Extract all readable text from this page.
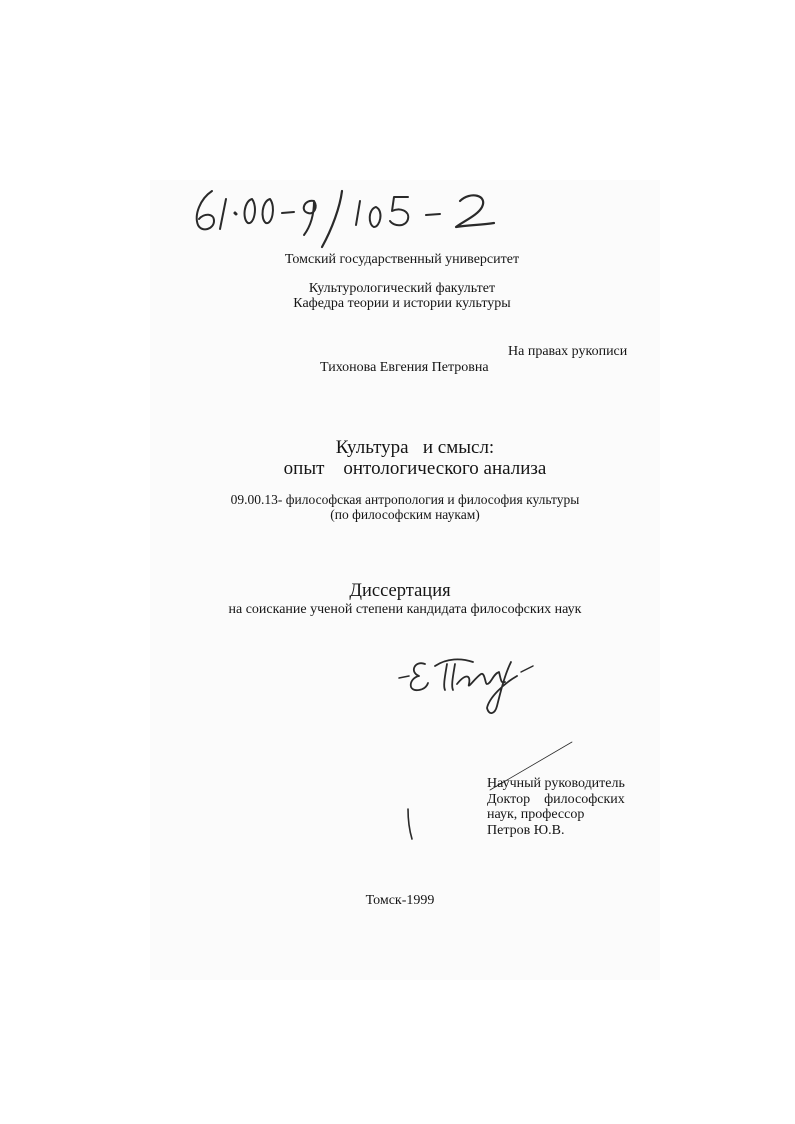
Томский государственный университет
Культурологический факультет
Кафедра теории и истории культуры
На правах рукописи
Тихонова Евгения Петровна
Культура   и смысл:
опыт    онтологического анализа
09.00.13- философская антропология и философия культуры
(по философским наукам)
Диссертация
на соискание ученой степени кандидата философских наук
Научный руководитель
Доктор    философских
наук, профессор
Петров Ю.В.
Томск-1999
